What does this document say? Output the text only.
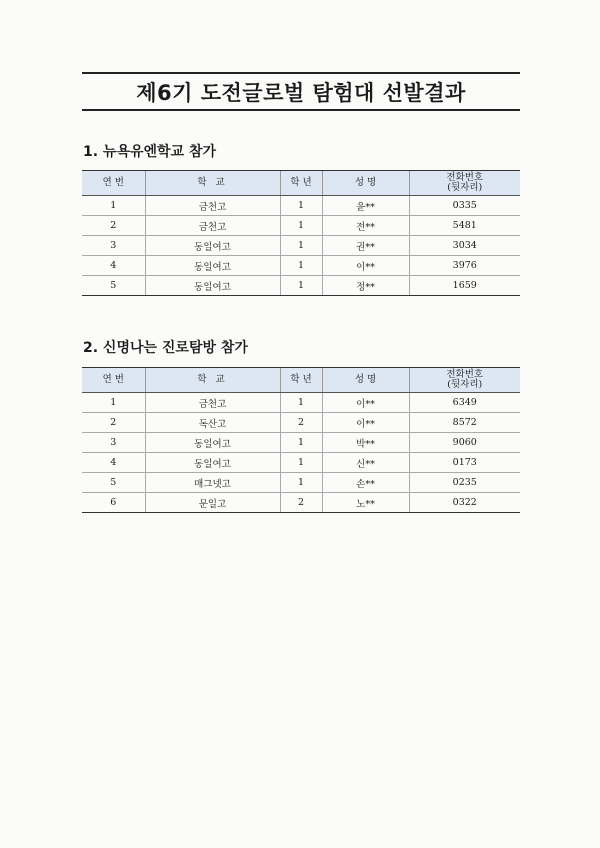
제6기 도전글로벌 탐험대 선발결과
1. 뉴욕유엔학교 참가
연 번	학 교	학 년	성 명	전화번호
(뒷자리)

1	금천고	1	윤**	0335
2	금천고	1	전**	5481
3	동일여고	1	권**	3034
4	동일여고	1	이**	3976
5	동일여고	1	정**	1659
2. 신명나는 진로탐방 참가
연 번	학 교	학 년	성 명	전화번호
(뒷자리)

1	금천고	1	이**	6349
2	독산고	2	이**	8572
3	동일여고	1	박**	9060
4	동일여고	1	신**	0173
5	매그넷고	1	손**	0235
6	문일고	2	노**	0322
